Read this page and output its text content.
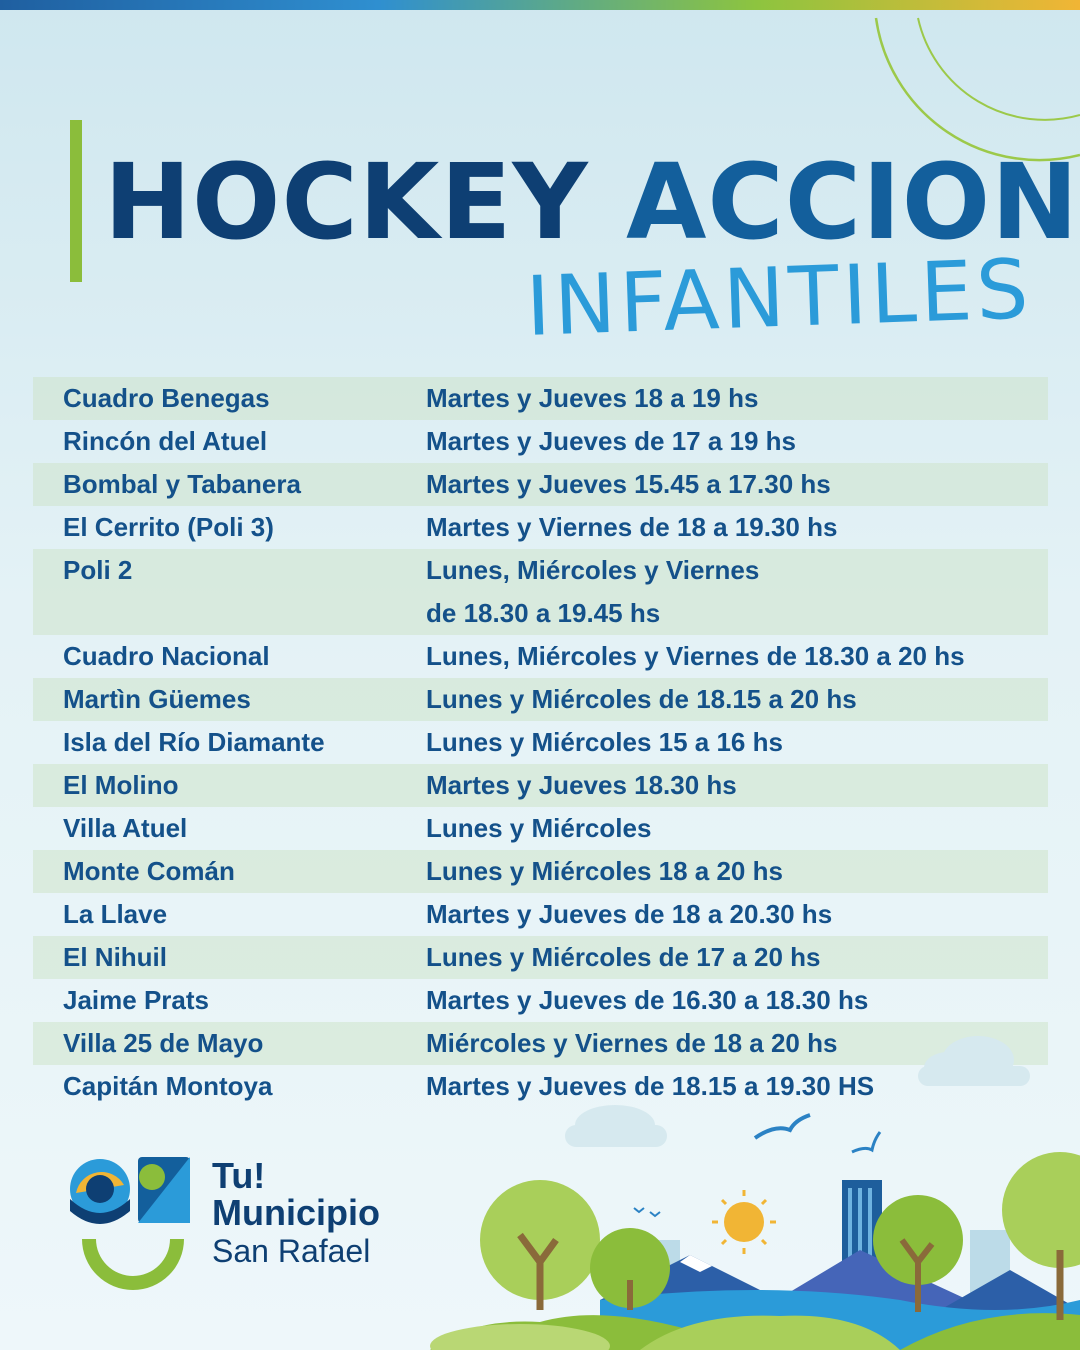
HOCKEY ACCION
INFANTILES
Cuadro Benegas	Martes y Jueves 18 a 19 hs
Rincón del Atuel	Martes y Jueves de 17 a 19 hs
Bombal y Tabanera	Martes y Jueves 15.45 a 17.30 hs
El Cerrito (Poli 3)	Martes y Viernes de 18 a 19.30 hs
Poli 2	Lunes, Miércoles y Viernes
de 18.30 a 19.45 hs
Cuadro Nacional	Lunes, Miércoles y Viernes de 18.30 a 20 hs
Martìn Güemes	Lunes y Miércoles de 18.15 a 20 hs
Isla del Río Diamante	Lunes y Miércoles 15 a 16 hs
El Molino	Martes y Jueves 18.30 hs
Villa Atuel	Lunes y Miércoles
Monte Comán	Lunes y Miércoles 18 a 20 hs
La Llave	Martes y Jueves de 18 a 20.30 hs
El Nihuil	Lunes y Miércoles de 17 a 20 hs
Jaime Prats	Martes y Jueves de 16.30 a 18.30 hs
Villa 25 de Mayo	Miércoles y Viernes de 18 a 20 hs
Capitán Montoya	Martes y Jueves de 18.15 a 19.30 HS
Tu!
Municipio
San Rafael
